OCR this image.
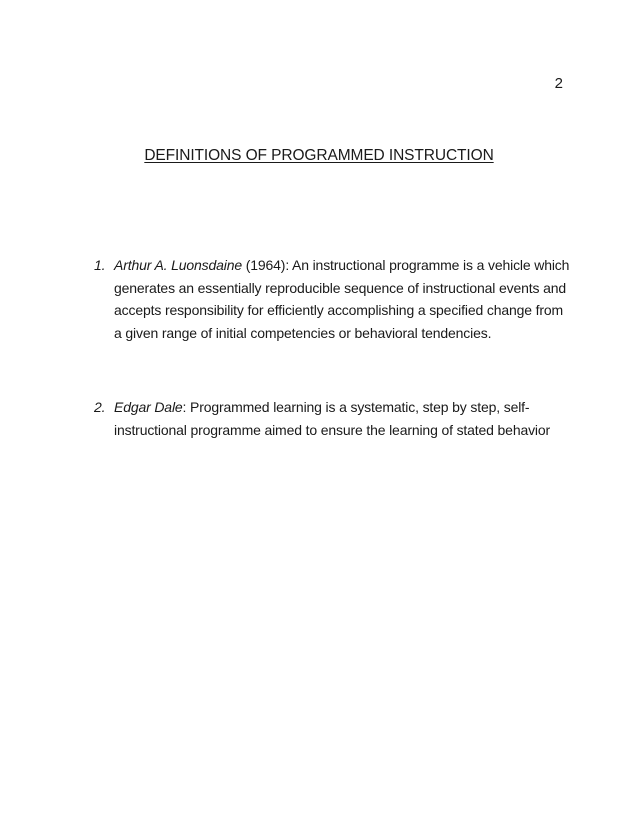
2
DEFINITIONS OF PROGRAMMED INSTRUCTION
1. Arthur A. Luonsdaine (1964): An instructional programme is a vehicle which generates an essentially reproducible sequence of instructional events and accepts responsibility for efficiently accomplishing a specified change from a given range of initial competencies or behavioral tendencies.
2. Edgar Dale: Programmed learning is a systematic, step by step, self-instructional programme aimed to ensure the learning of stated behavior
